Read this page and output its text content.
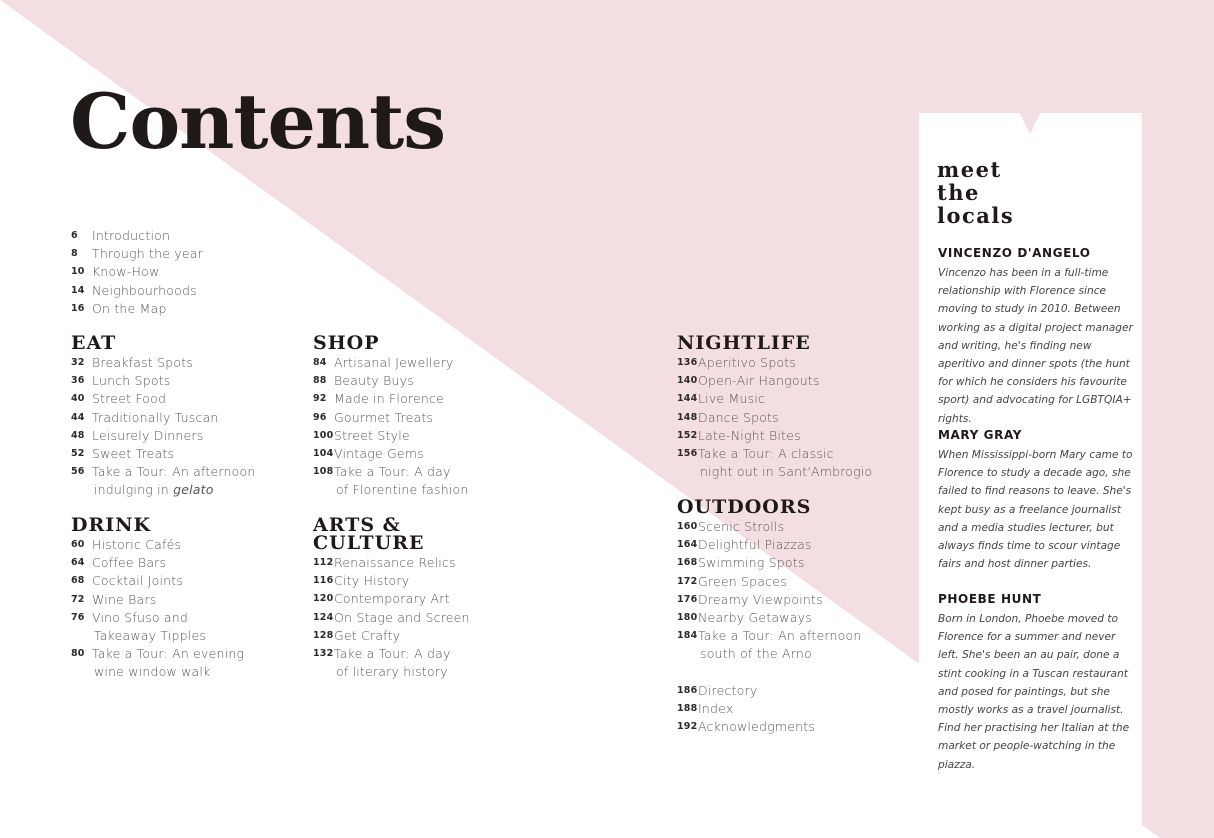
Contents
6	Introduction
8	Through the year
10 Know-How
14 Neighbourhoods
16 On the Map
EAT
32 Breakfast Spots
36 Lunch Spots
40 Street Food
44 Traditionally Tuscan
48 Leisurely Dinners
52 Sweet Treats
56 Take a Tour: An afternoon
indulging in gelato
DRINK
60 Historic Cafés
64 Coffee Bars
68 Cocktail Joints
72 Wine Bars
76 Vino Sfuso and
Takeaway Tipples
80 Take a Tour: An evening
wine window walk
SHOP
84 Artisanal Jewellery
88 Beauty Buys
92 Made in Florence
96 Gourmet Treats
100 Street Style
104 Vintage Gems
108 Take a Tour: A day
of Florentine fashion
ARTS &
CULTURE
112 Renaissance Relics
116 City History
120 Contemporary Art
124 On Stage and Screen
128 Get Crafty
132 Take a Tour: A day
of literary history
NIGHTLIFE
136 Aperitivo Spots
140 Open-Air Hangouts
144 Live Music
148 Dance Spots
152 Late-Night Bites
156 Take a Tour: A classic
night out in Sant'Ambrogio
OUTDOORS
160 Scenic Strolls
164 Delightful Piazzas
168 Swimming Spots
172 Green Spaces
176 Dreamy Viewpoints
180 Nearby Getaways
184 Take a Tour: An afternoon
south of the Arno
186 Directory
188 Index
192 Acknowledgments
meet
the
locals
VINCENZO D'ANGELO

Vincenzo has been in a full-time relationship with Florence since moving to study in 2010. Between working as a digital project manager and writing, he's finding new aperitivo and dinner spots (the hunt for which he considers his favourite sport) and advocating for LGBTQIA+ rights.

MARY GRAY

When Mississippi-born Mary came to Florence to study a decade ago, she failed to find reasons to leave. She's kept busy as a freelance journalist and a media studies lecturer, but always finds time to scour vintage fairs and host dinner parties.

PHOEBE HUNT

Born in London, Phoebe moved to Florence for a summer and never left. She's been an au pair, done a stint cooking in a Tuscan restaurant and posed for paintings, but she mostly works as a travel journalist. Find her practising her Italian at the market or people-watching in the piazza.
